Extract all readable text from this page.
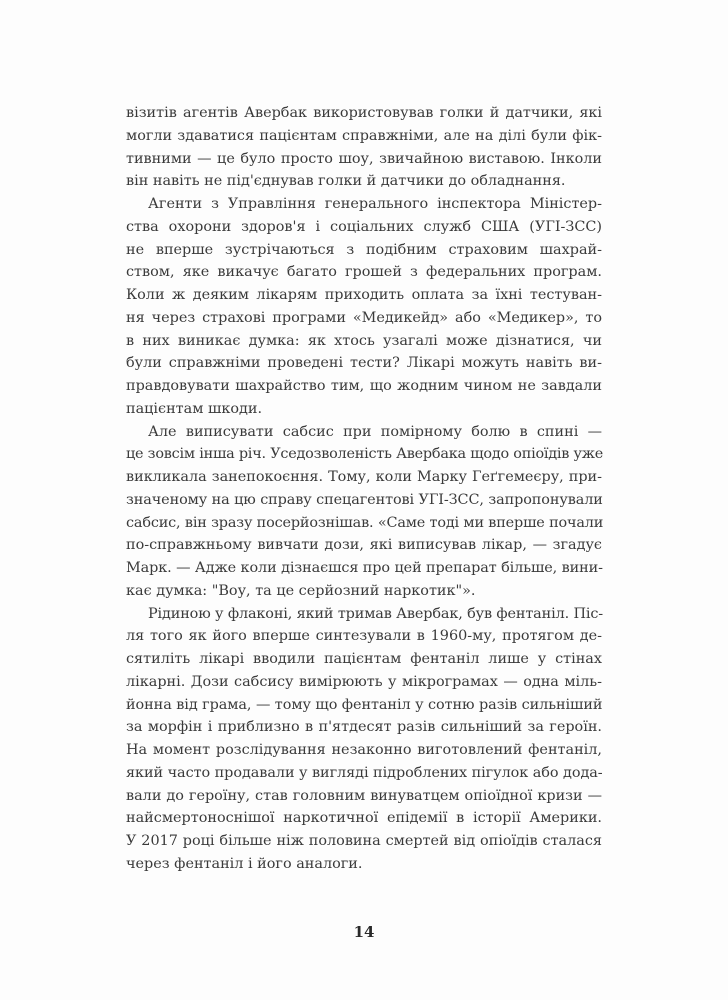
візитів агентів Авербак використовував голки й датчики, які
могли здаватися пацієнтам справжніми, але на ділі були фік-
тивними — це було просто шоу, звичайною виставою. Інколи
він навіть не під'єднував голки й датчики до обладнання.
Агенти з Управління генерального інспектора Міністер-
ства охорони здоров'я і соціальних служб США (УГІ-ЗСС)
не вперше зустрічаються з подібним страховим шахрай-
ством, яке викачує багато грошей з федеральних програм.
Коли ж деяким лікарям приходить оплата за їхні тестуван-
ня через страхові програми «Медикейд» або «Медикер», то
в них виникає думка: як хтось узагалі може дізнатися, чи
були справжніми проведені тести? Лікарі можуть навіть ви-
правдовувати шахрайство тим, що жодним чином не завдали
пацієнтам шкоди.
Але виписувати сабсис при помірному болю в спині —
це зовсім інша річ. Уседозволеність Авербака щодо опіоїдів уже
викликала занепокоєння. Тому, коли Марку Геґгемеєру, при-
значеному на цю справу спецагентові УГІ-ЗСС, запропонували
сабсис, він зразу посерйознішав. «Саме тоді ми вперше почали
по-справжньому вивчати дози, які виписував лікар, — згадує
Марк. — Адже коли дізнаєшся про цей препарат більше, вини-
кає думка: "Воу, та це серйозний наркотик"».
Рідиною у флаконі, який тримав Авербак, був фентаніл. Піс-
ля того як його вперше синтезували в 1960-му, протягом де-
сятиліть лікарі вводили пацієнтам фентаніл лише у стінах
лікарні. Дози сабсису вимірюють у мікрограмах — одна міль-
йонна від грама, — тому що фентаніл у сотню разів сильніший
за морфін і приблизно в п'ятдесят разів сильніший за героїн.
На момент розслідування незаконно виготовлений фентаніл,
який часто продавали у вигляді підроблених пігулок або дода-
вали до героїну, став головним винуватцем опіоїдної кризи —
найсмертоноснішої наркотичної епідемії в історії Америки.
У 2017 році більше ніж половина смертей від опіоїдів сталася
через фентаніл і його аналоги.
14
